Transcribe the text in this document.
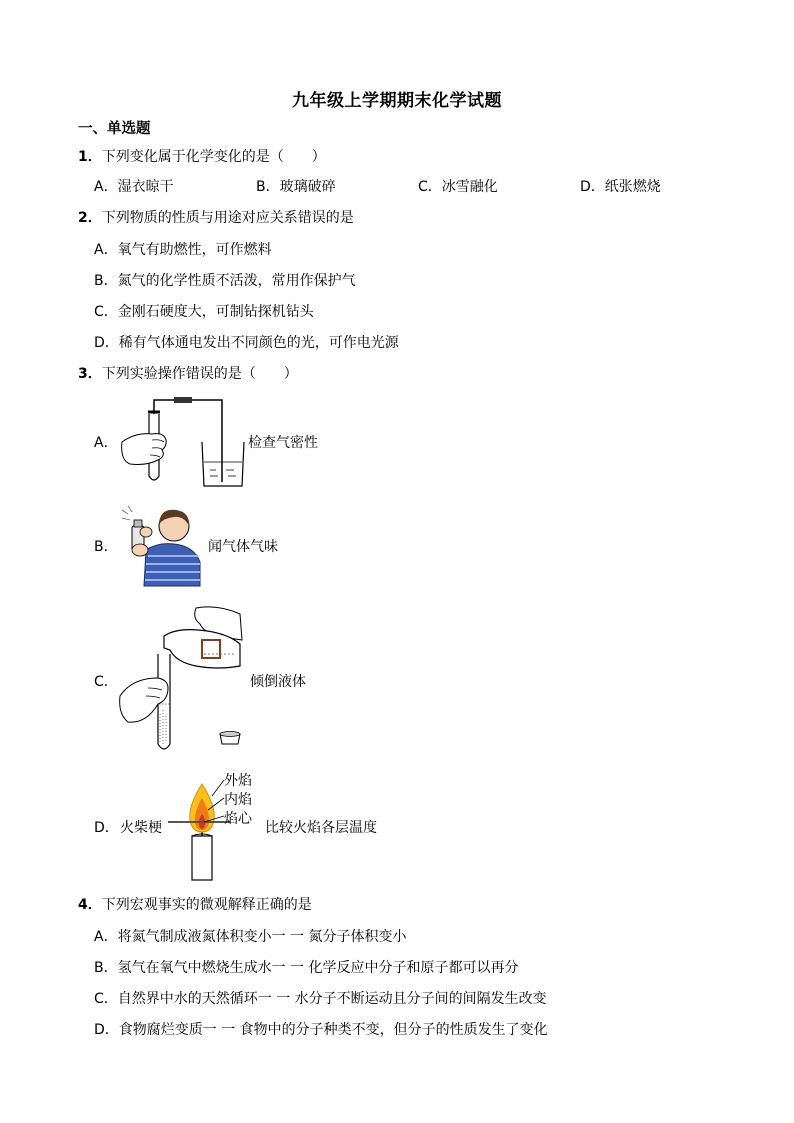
九年级上学期期末化学试题
一、单选题
1．下列变化属于化学变化的是（　　）
A．湿衣晾干	B．玻璃破碎	C．冰雪融化	D．纸张燃烧
2．下列物质的性质与用途对应关系错误的是
A．氧气有助燃性，可作燃料
B．氮气的化学性质不活泼，常用作保护气
C．金刚石硬度大，可制钻探机钻头
D．稀有气体通电发出不同颜色的光，可作电光源
3．下列实验操作错误的是（　　）
A．	检查气密性
B．	闻气体气味
C．	倾倒液体
D． 火柴梗
外焰
内焰
焰心
比较火焰各层温度
4．下列宏观事实的微观解释正确的是
A．将氮气制成液氮体积变小一 一 氮分子体积变小
B．氢气在氧气中燃烧生成水一 一 化学反应中分子和原子都可以再分
C．自然界中水的天然循环一 一 水分子不断运动且分子间的间隔发生改变
D．食物腐烂变质一 一 食物中的分子种类不变，但分子的性质发生了变化
